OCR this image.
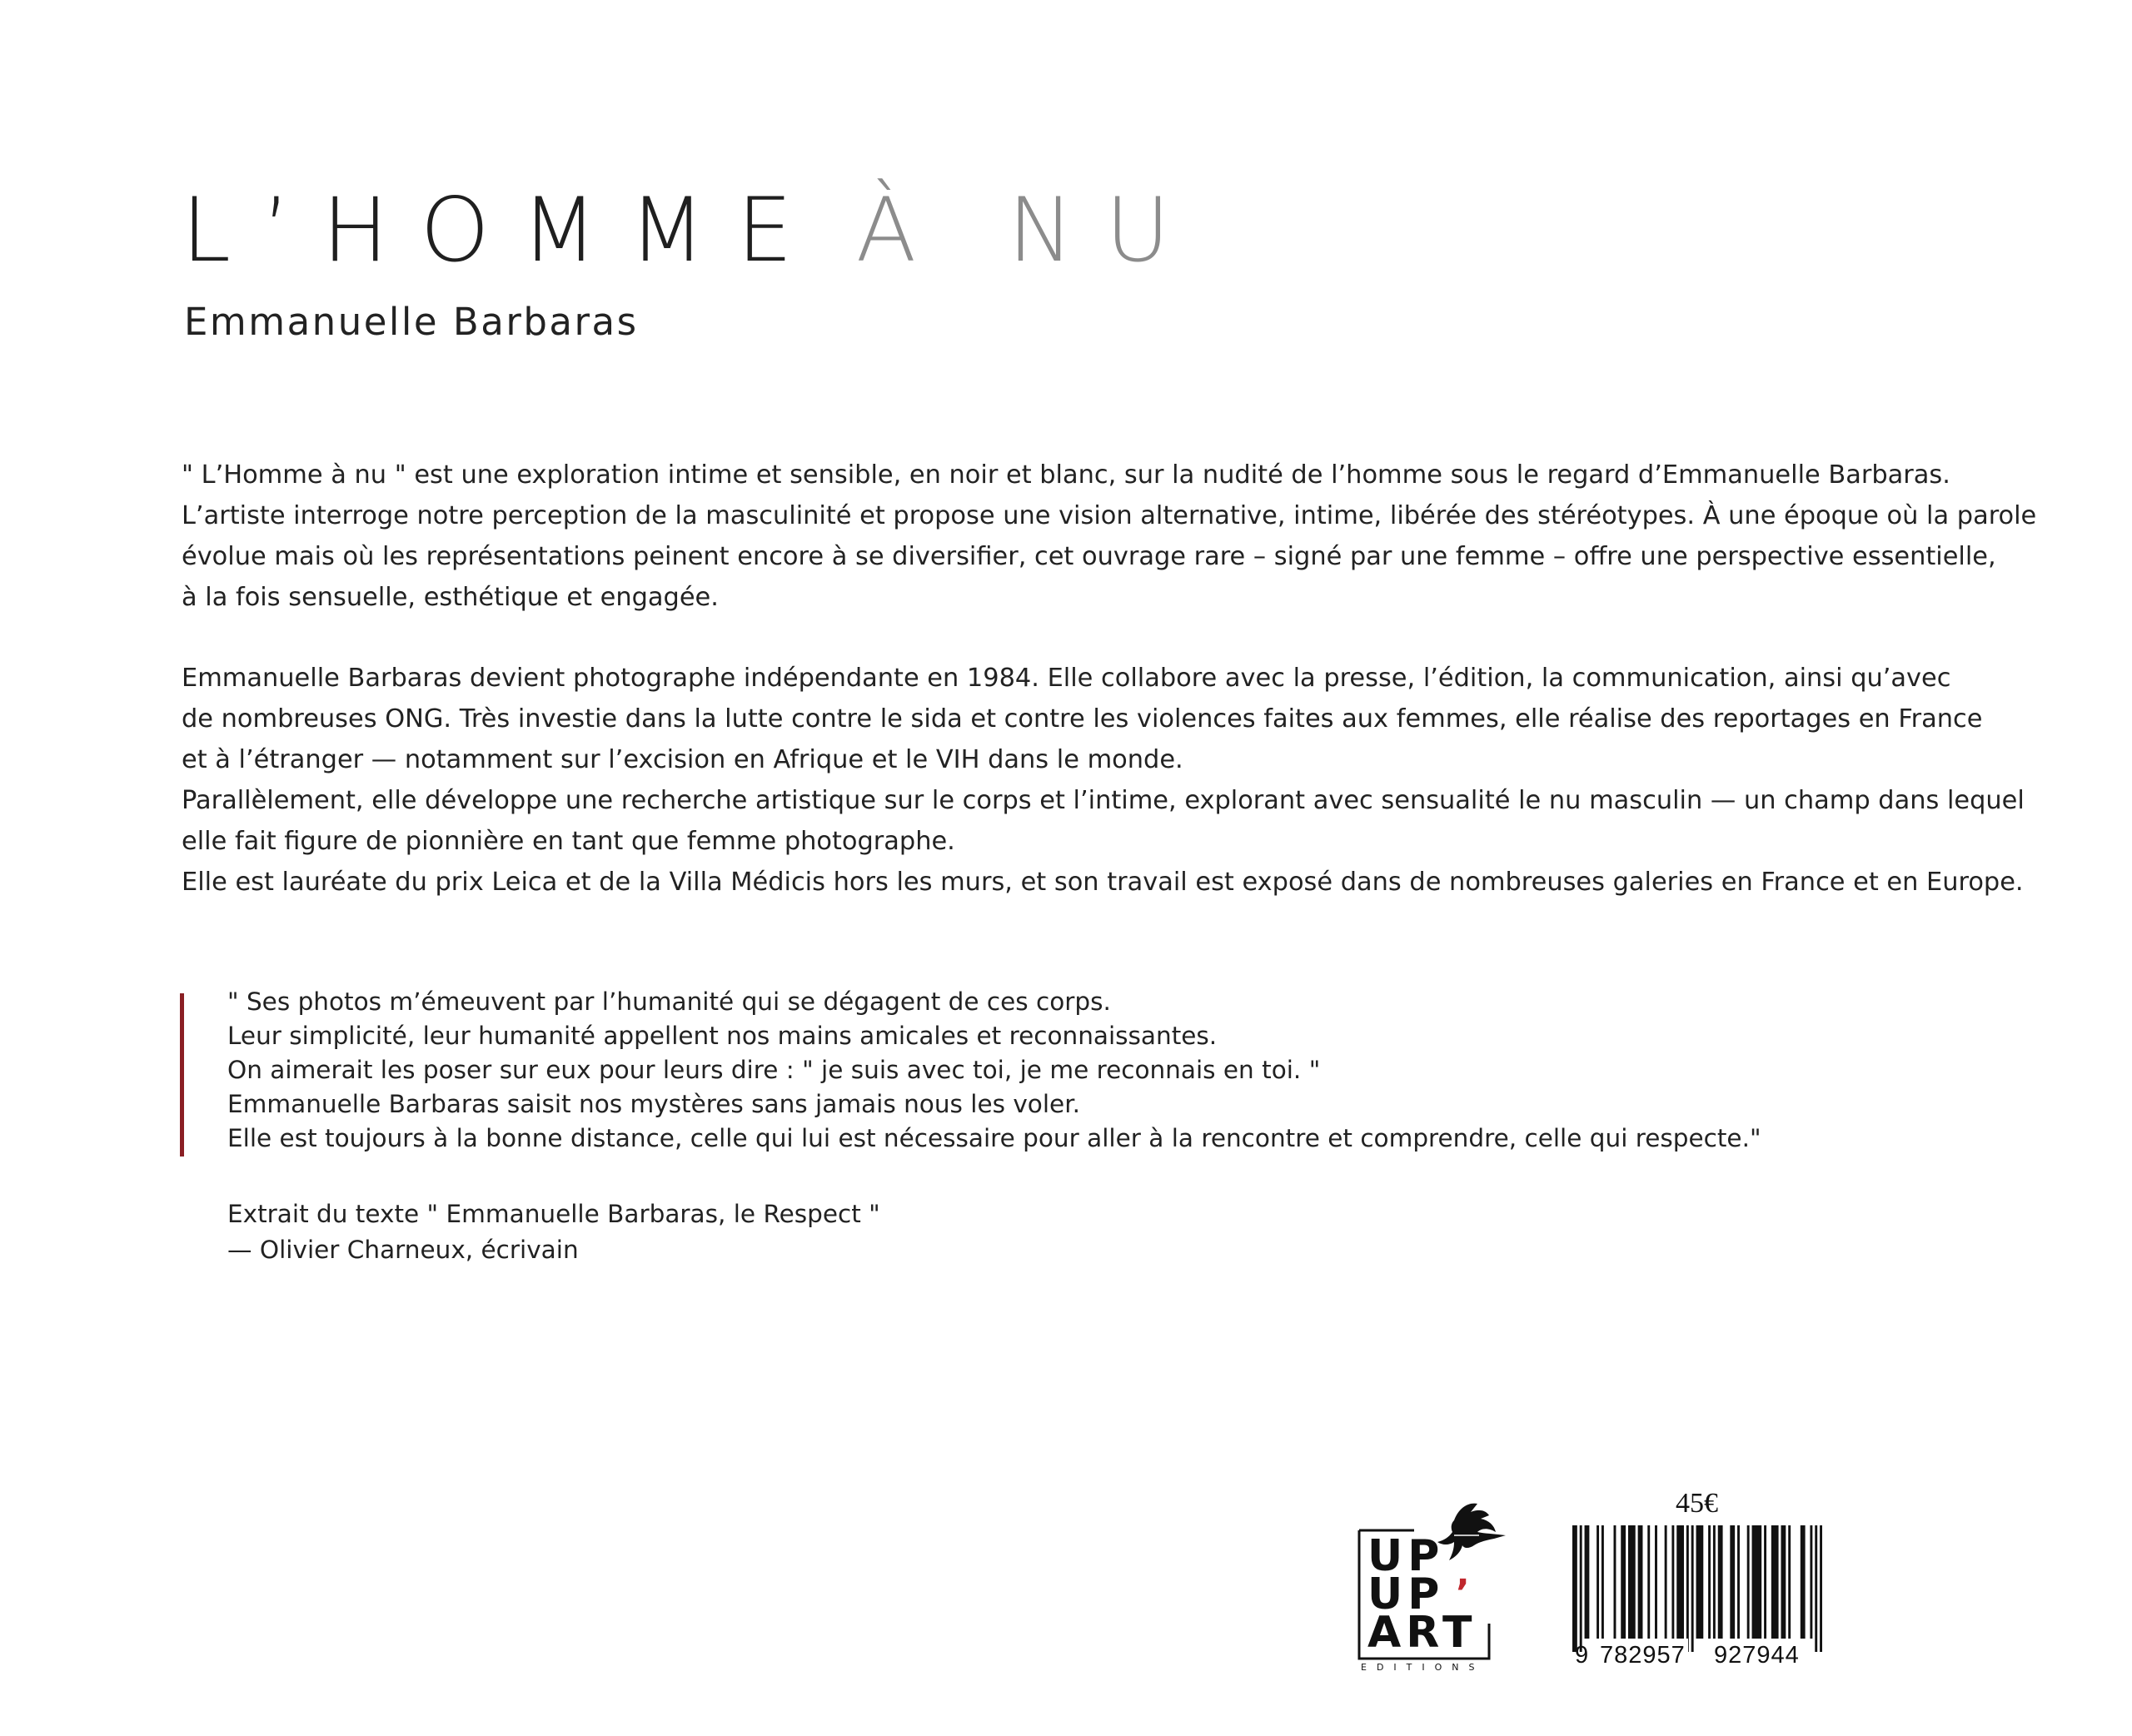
L’HOMME À NU

Emmanuelle Barbaras

" L’Homme à nu " est une exploration intime et sensible, en noir et blanc, sur la nudité de l’homme sous le regard d’Emmanuelle Barbaras.
L’artiste interroge notre perception de la masculinité et propose une vision alternative, intime, libérée des stéréotypes. À une époque où la parole
évolue mais où les représentations peinent encore à se diversifier, cet ouvrage rare – signé par une femme – offre une perspective essentielle,
à la fois sensuelle, esthétique et engagée.
Emmanuelle Barbaras devient photographe indépendante en 1984. Elle collabore avec la presse, l’édition, la communication, ainsi qu’avec
de nombreuses ONG. Très investie dans la lutte contre le sida et contre les violences faites aux femmes, elle réalise des reportages en France
et à l’étranger — notamment sur l’excision en Afrique et le VIH dans le monde.
Parallèlement, elle développe une recherche artistique sur le corps et l’intime, explorant avec sensualité le nu masculin — un champ dans lequel
elle fait figure de pionnière en tant que femme photographe.
Elle est lauréate du prix Leica et de la Villa Médicis hors les murs, et son travail est exposé dans de nombreuses galeries en France et en Europe.
" Ses photos m’émeuvent par l’humanité qui se dégagent de ces corps.
Leur simplicité, leur humanité appellent nos mains amicales et reconnaissantes.
On aimerait les poser sur eux pour leurs dire : " je suis avec toi, je me reconnais en toi. "
Emmanuelle Barbaras saisit nos mystères sans jamais nous les voler.
Elle est toujours à la bonne distance, celle qui lui est nécessaire pour aller à la rencontre et comprendre, celle qui respecte."
Extrait du texte " Emmanuelle Barbaras, le Respect "
— Olivier Charneux, écrivain
UP
UP
ART
’
EDITIONS
45€
9 782957 927944
